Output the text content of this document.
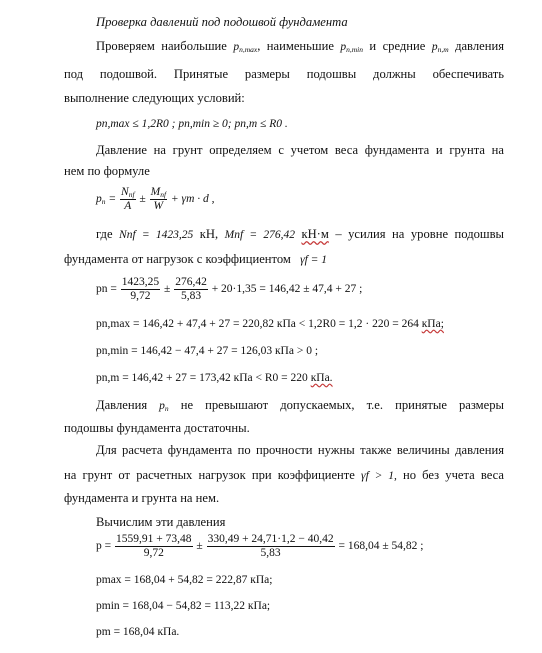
Проверка давлений под подошвой фундамента
Проверяем наибольшие $p_{n,max}$, наименьшие $p_{n,min}$ и средние $p_{n,m}$ давления
под подошвой. Принятые размеры подошвы должны обеспечивать
выполнение следующих условий:
pn,max ≤ 1,2R0 ; pn,min ≥ 0; pn,m ≤ R0 .
Давление на грунт определяем с учетом веса фундамента и грунта на
нем по формуле
$p_n = \frac{N_{nf}}{A} \pm \frac{M_{nf}}{W} + \gamma m \cdot d$ ,
где Nnf = 1423,25 кН, Mnf = 276,42 кН·м – усилия на уровне подошвы
фундамента от нагрузок с коэффициентом γf = 1
pn = $\frac{1423,25}{9,72} \pm \frac{276,42}{5,83} + 20\cdot 1,35 = 146,42 \pm 47,4 + 27$ ;
pn,max = 146,42 + 47,4 + 27 = 220,82 кПа < 1,2R0 = 1,2 · 220 = 264 кПа;
pn,min = 146,42 − 47,4 + 27 = 126,03 кПа > 0 ;
pn,m = 146,42 + 27 = 173,42 кПа < R0 = 220 кПа.
Давления $p_n$ не превышают допускаемых, т.е. принятые размеры
подошвы фундамента достаточны.
Для расчета фундамента по прочности нужны также величины давления
на грунт от расчетных нагрузок при коэффициенте γf > 1, но без учета веса
фундамента и грунта на нем.
Вычислим эти давления
$p = \frac{1559,91 + 73,48}{9,72} \pm \frac{330,49 + 24,71\cdot 1,2 - 40,42}{5,83} = 168,04 \pm 54,82$ ;
pmax = 168,04 + 54,82 = 222,87 кПа;
pmin = 168,04 − 54,82 = 113,22 кПа;
pm = 168,04 кПа.
